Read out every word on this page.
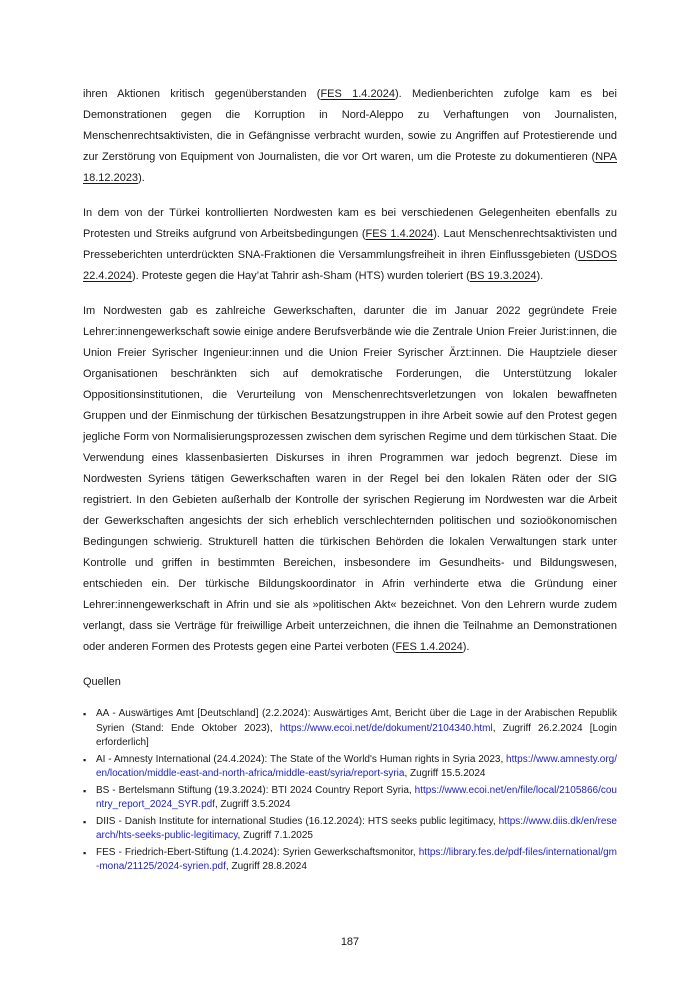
ihren Aktionen kritisch gegenüberstanden (FES 1.4.2024). Medienberichten zufolge kam es bei Demonstrationen gegen die Korruption in Nord-Aleppo zu Verhaftungen von Journalisten, Menschenrechtsaktivisten, die in Gefängnisse verbracht wurden, sowie zu Angriffen auf Protestierende und zur Zerstörung von Equipment von Journalisten, die vor Ort waren, um die Proteste zu dokumentieren (NPA 18.12.2023).

In dem von der Türkei kontrollierten Nordwesten kam es bei verschiedenen Gelegenheiten ebenfalls zu Protesten und Streiks aufgrund von Arbeitsbedingungen (FES 1.4.2024). Laut Menschenrechtsaktivisten und Presseberichten unterdrückten SNA-Fraktionen die Versammlungsfreiheit in ihren Einflussgebieten (USDOS 22.4.2024). Proteste gegen die Hay’at Tahrir ash-Sham (HTS) wurden toleriert (BS 19.3.2024).

Im Nordwesten gab es zahlreiche Gewerkschaften, darunter die im Januar 2022 gegründete Freie Lehrer:innengewerkschaft sowie einige andere Berufsverbände wie die Zentrale Union Freier Jurist:innen, die Union Freier Syrischer Ingenieur:innen und die Union Freier Syrischer Ärzt:innen. Die Hauptziele dieser Organisationen beschränkten sich auf demokratische Forderungen, die Unterstützung lokaler Oppositionsinstitutionen, die Verurteilung von Menschenrechtsverletzungen von lokalen bewaffneten Gruppen und der Einmischung der türkischen Besatzungstruppen in ihre Arbeit sowie auf den Protest gegen jegliche Form von Normalisierungsprozessen zwischen dem syrischen Regime und dem türkischen Staat. Die Verwendung eines klassenbasierten Diskurses in ihren Programmen war jedoch begrenzt. Diese im Nordwesten Syriens tätigen Gewerkschaften waren in der Regel bei den lokalen Räten oder der SIG registriert. In den Gebieten außerhalb der Kontrolle der syrischen Regierung im Nordwesten war die Arbeit der Gewerkschaften angesichts der sich erheblich verschlechternden politischen und sozioökonomischen Bedingungen schwierig. Strukturell hatten die türkischen Behörden die lokalen Verwaltungen stark unter Kontrolle und griffen in bestimmten Bereichen, insbesondere im Gesundheits- und Bildungswesen, entschieden ein. Der türkische Bildungskoordinator in Afrin verhinderte etwa die Gründung einer Lehrer:innengewerkschaft in Afrin und sie als »politischen Akt« bezeichnet. Von den Lehrern wurde zudem verlangt, dass sie Verträge für freiwillige Arbeit unterzeichnen, die ihnen die Teilnahme an Demonstrationen oder anderen Formen des Protests gegen eine Partei verboten (FES 1.4.2024).

Quellen

▪ AA - Auswärtiges Amt [Deutschland] (2.2.2024): Auswärtiges Amt, Bericht über die Lage in der Arabischen Republik Syrien (Stand: Ende Oktober 2023), https://www.ecoi.net/de/dokument/2104340.html, Zugriff 26.2.2024 [Login erforderlich]
▪ AI - Amnesty International (24.4.2024): The State of the World's Human rights in Syria 2023, https://www.amnesty.org/en/location/middle-east-and-north-africa/middle-east/syria/report-syria, Zugriff 15.5.2024
▪ BS - Bertelsmann Stiftung (19.3.2024): BTI 2024 Country Report Syria, https://www.ecoi.net/en/file/local/2105866/country_report_2024_SYR.pdf, Zugriff 3.5.2024
▪ DIIS - Danish Institute for international Studies (16.12.2024): HTS seeks public legitimacy, https://www.diis.dk/en/research/hts-seeks-public-legitimacy, Zugriff 7.1.2025
▪ FES - Friedrich-Ebert-Stiftung (1.4.2024): Syrien Gewerkschaftsmonitor, https://library.fes.de/pdf-files/international/gm-mona/21125/2024-syrien.pdf, Zugriff 28.8.2024
187
